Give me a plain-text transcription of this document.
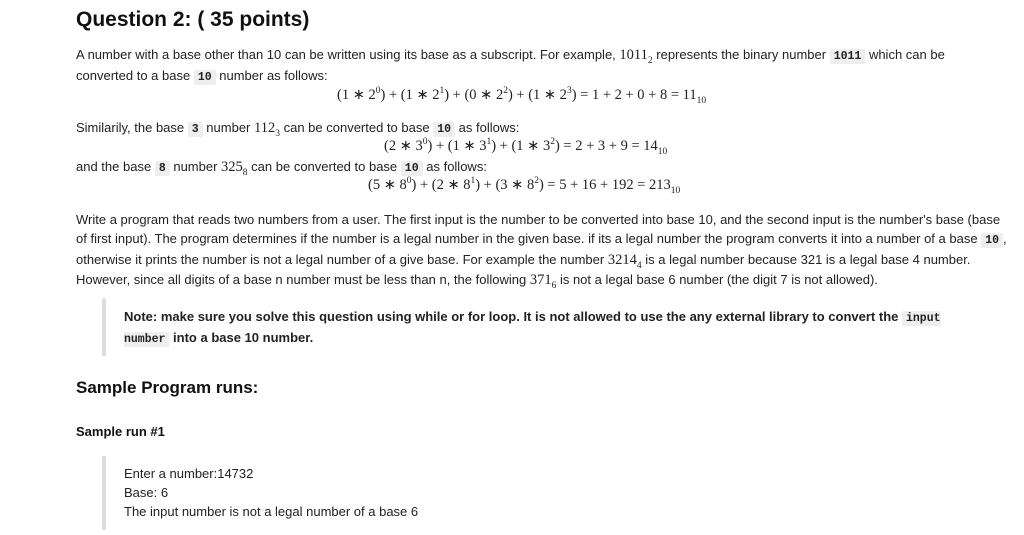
Question 2: ( 35 points)
A number with a base other than 10 can be written using its base as a subscript. For example, $1011_2$ represents the binary number 1011 which can be
converted to a base 10 number as follows:
(1 ∗ $2^0) + (1$ ∗ $2^1) + (0$ ∗ $2^2) + (1$ ∗ $2^3) = 1 + 2 + 0 + 8 = 11_{10}$
Similarily, the base 3 number $112_3$ can be converted to base 10 as follows:
(2 ∗ $3^0) + (1$ ∗ $3^1) + (1$ ∗ $3^2) = 2 + 3 + 9 = 14_{10}$
and the base 8 number $325_8$ can be converted to base 10 as follows:
(5 ∗ $8^0) + (2$ ∗ $8^1) + (3$ ∗ $8^2) = 5 + 16 + 192 = 213_{10}$
Write a program that reads two numbers from a user. The first input is the number to be converted into base 10, and the second input is the number's base (base of first input). The program determines if the number is a legal number in the given base. if its a legal number the program converts it into a number of a base 10 , otherwise it prints the number is not a legal number of a give base. For example the number $3214_4$ is a legal number because 321 is a legal base 4 number. However, since all digits of a base n number must be less than n, the following $371_6$ is not a legal base 6 number (the digit 7 is not allowed).
Note: make sure you solve this question using while or for loop. It is not allowed to use the any external library to convert the input number into a base 10 number.
Sample Program runs:
Sample run #1
Enter a number:14732
Base: 6
The input number is not a legal number of a base 6
